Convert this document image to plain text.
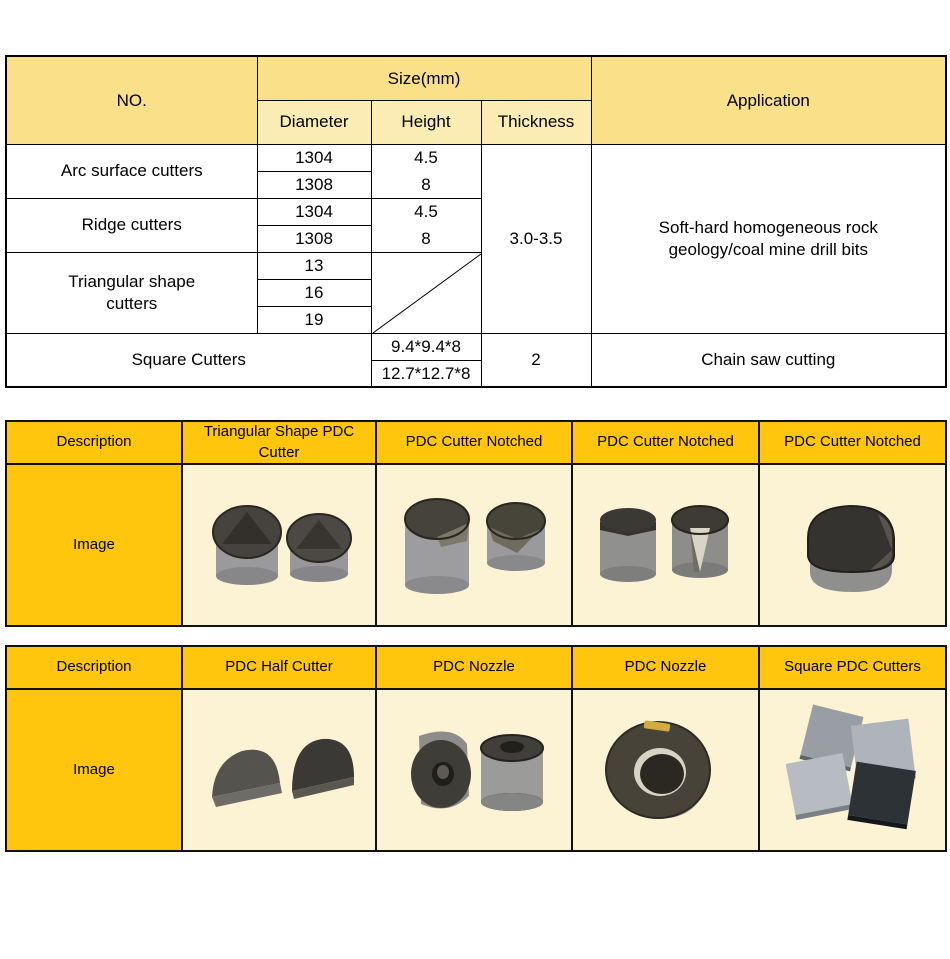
NO.	Size(mm)			Application
	Diameter	Height	Thickness	
Arc surface cutters	1304	4.5	3.0-3.5	Soft-hard homogeneous rock geology/coal mine drill bits
	1308	8		
Ridge cutters	1304	4.5		
	1308	8		
Triangular shape cutters	13	

	16			
	19			
Square Cutters		9.4*9.4*8	2	Chain saw cutting
		12.7*12.7*8		
Description	Triangular Shape PDC Cutter	PDC Cutter Notched	PDC Cutter Notched	PDC Cutter Notched
Image	

Description	PDC Half Cutter	PDC Nozzle	PDC Nozzle	Square PDC Cutters
Image	
